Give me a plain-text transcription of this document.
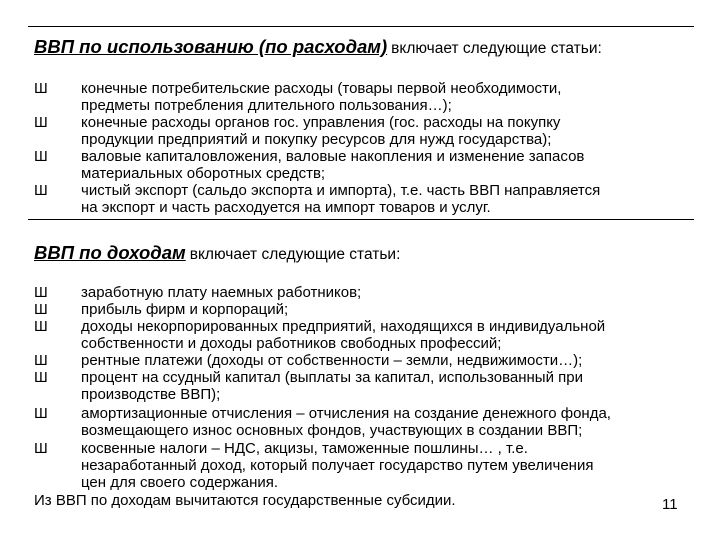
ВВП по использованию (по расходам) включает следующие статьи:
Ш	конечные потребительские расходы (товары первой необходимости,
предметы потребления длительного пользования…);
Ш	конечные расходы органов гос. управления (гос. расходы на покупку
продукции предприятий и покупку ресурсов для нужд государства);
Ш	валовые капиталовложения, валовые накопления и изменение запасов
материальных оборотных средств;
Ш	чистый экспорт (сальдо экспорта и импорта), т.е. часть ВВП направляется
на экспорт и часть расходуется на импорт товаров и услуг.
ВВП по доходам включает следующие статьи:
Ш	заработную плату наемных работников;
Ш	прибыль фирм и корпораций;
Ш	доходы некорпорированных предприятий, находящихся в индивидуальной
собственности и доходы работников свободных профессий;
Ш	рентные платежи (доходы от собственности – земли, недвижимости…);
Ш	процент на ссудный капитал (выплаты за капитал, использованный при
производстве ВВП);
Ш	амортизационные отчисления – отчисления на создание денежного фонда,
возмещающего износ основных фондов, участвующих в создании ВВП;
Ш	косвенные налоги – НДС, акцизы, таможенные пошлины… , т.е.
незаработанный доход, который получает государство путем увеличения
цен для своего содержания.
Из ВВП по доходам вычитаются государственные субсидии.	11
